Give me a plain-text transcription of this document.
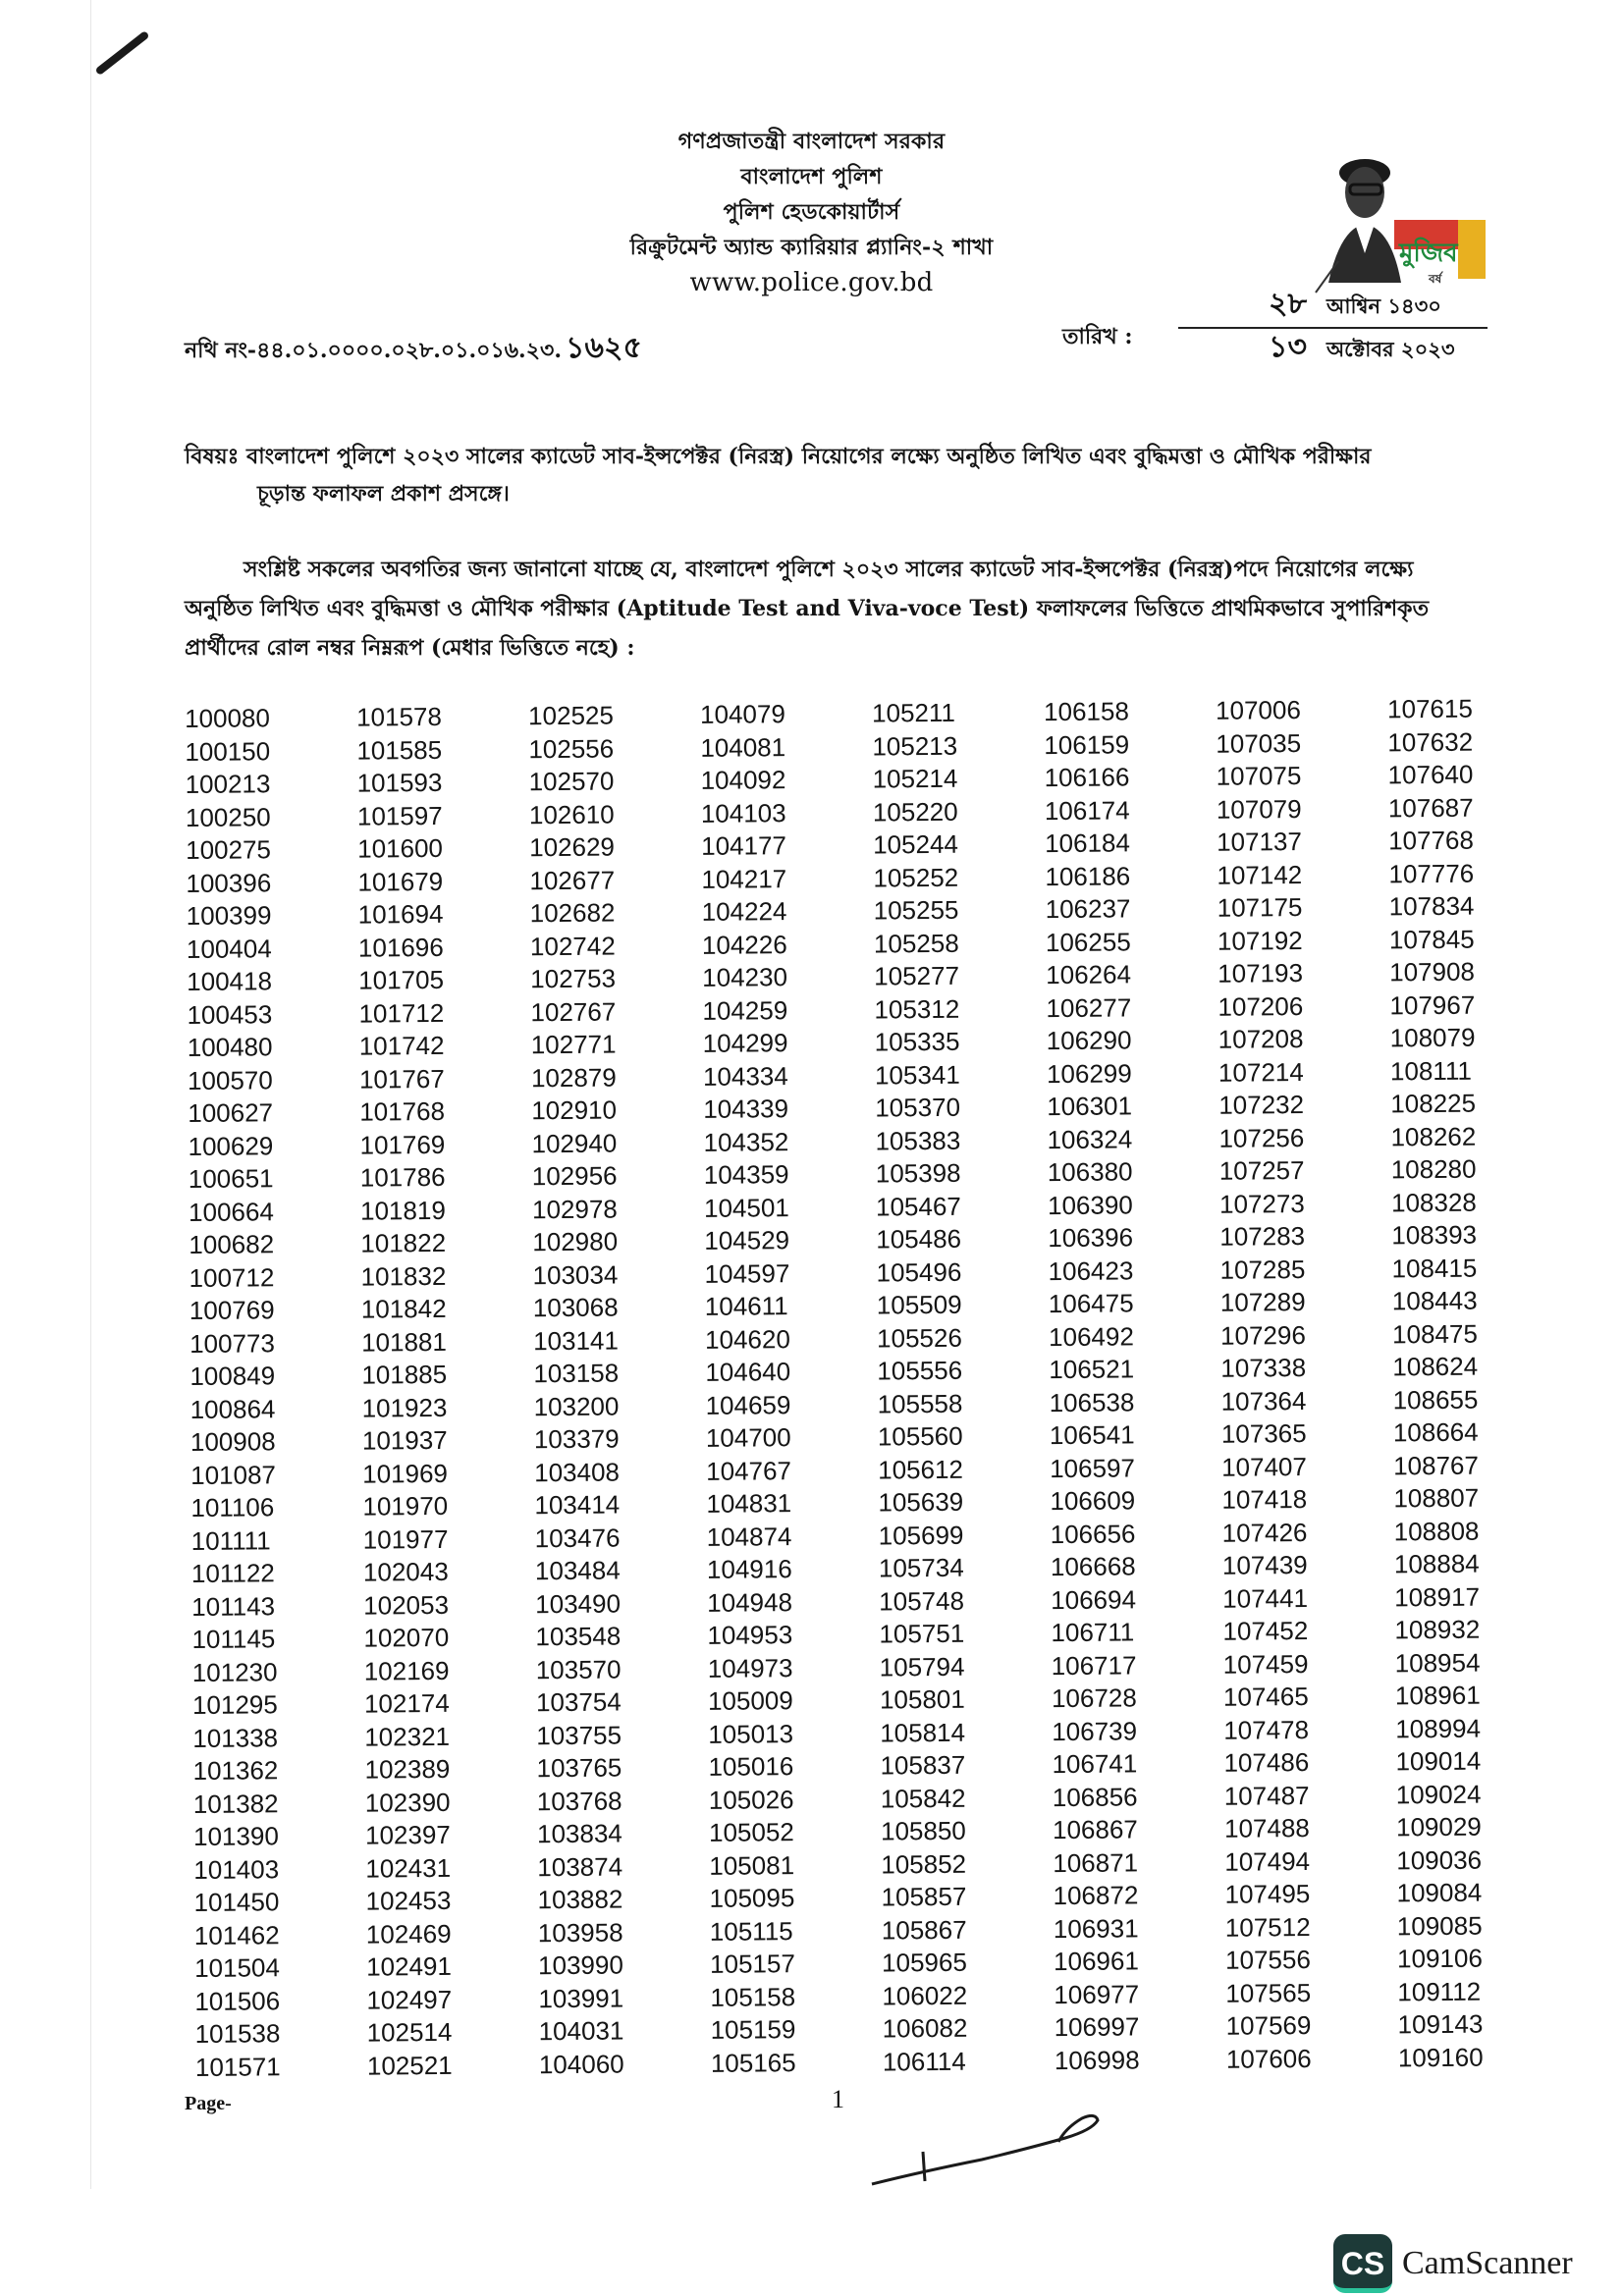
গণপ্রজাতন্ত্রী বাংলাদেশ সরকার
বাংলাদেশ পুলিশ
পুলিশ হেডকোয়ার্টার্স
রিক্রুটমেন্ট অ্যান্ড ক্যারিয়ার প্ল্যানিং-২ শাখা
www.police.gov.bd
মুজিব
বর্ষ
নথি নং-৪৪.০১.০০০০.০২৮.০১.০১৬.২৩. ১৬২৫	তারিখ :
২৮ আশ্বিন ১৪৩০
১৩ অক্টোবর ২০২৩
বিষয়ঃ বাংলাদেশ পুলিশে ২০২৩ সালের ক্যাডেট সাব-ইন্সপেক্টর (নিরস্ত্র) নিয়োগের লক্ষ্যে অনুষ্ঠিত লিখিত এবং বুদ্ধিমত্তা ও মৌখিক পরীক্ষার
চূড়ান্ত ফলাফল প্রকাশ প্রসঙ্গে।
সংশ্লিষ্ট সকলের অবগতির জন্য জানানো যাচ্ছে যে, বাংলাদেশ পুলিশে ২০২৩ সালের ক্যাডেট সাব-ইন্সপেক্টর (নিরস্ত্র)পদে নিয়োগের লক্ষ্যে
অনুষ্ঠিত লিখিত এবং বুদ্ধিমত্তা ও মৌখিক পরীক্ষার (Aptitude Test and Viva-voce Test) ফলাফলের ভিত্তিতে প্রাথমিকভাবে সুপারিশকৃত
প্রার্থীদের রোল নম্বর নিম্নরূপ (মেধার ভিত্তিতে নহে) :
100080
100150
100213
100250
100275
100396
100399
100404
100418
100453
100480
100570
100627
100629
100651
100664
100682
100712
100769
100773
100849
100864
100908
101087
101106
101111
101122
101143
101145
101230
101295
101338
101362
101382
101390
101403
101450
101462
101504
101506
101538
101571
101578
101585
101593
101597
101600
101679
101694
101696
101705
101712
101742
101767
101768
101769
101786
101819
101822
101832
101842
101881
101885
101923
101937
101969
101970
101977
102043
102053
102070
102169
102174
102321
102389
102390
102397
102431
102453
102469
102491
102497
102514
102521
102525
102556
102570
102610
102629
102677
102682
102742
102753
102767
102771
102879
102910
102940
102956
102978
102980
103034
103068
103141
103158
103200
103379
103408
103414
103476
103484
103490
103548
103570
103754
103755
103765
103768
103834
103874
103882
103958
103990
103991
104031
104060
104079
104081
104092
104103
104177
104217
104224
104226
104230
104259
104299
104334
104339
104352
104359
104501
104529
104597
104611
104620
104640
104659
104700
104767
104831
104874
104916
104948
104953
104973
105009
105013
105016
105026
105052
105081
105095
105115
105157
105158
105159
105165
105211
105213
105214
105220
105244
105252
105255
105258
105277
105312
105335
105341
105370
105383
105398
105467
105486
105496
105509
105526
105556
105558
105560
105612
105639
105699
105734
105748
105751
105794
105801
105814
105837
105842
105850
105852
105857
105867
105965
106022
106082
106114
106158
106159
106166
106174
106184
106186
106237
106255
106264
106277
106290
106299
106301
106324
106380
106390
106396
106423
106475
106492
106521
106538
106541
106597
106609
106656
106668
106694
106711
106717
106728
106739
106741
106856
106867
106871
106872
106931
106961
106977
106997
106998
107006
107035
107075
107079
107137
107142
107175
107192
107193
107206
107208
107214
107232
107256
107257
107273
107283
107285
107289
107296
107338
107364
107365
107407
107418
107426
107439
107441
107452
107459
107465
107478
107486
107487
107488
107494
107495
107512
107556
107565
107569
107606
107615
107632
107640
107687
107768
107776
107834
107845
107908
107967
108079
108111
108225
108262
108280
108328
108393
108415
108443
108475
108624
108655
108664
108767
108807
108808
108884
108917
108932
108954
108961
108994
109014
109024
109029
109036
109084
109085
109106
109112
109143
109160
Page-	1
CS CamScanner
